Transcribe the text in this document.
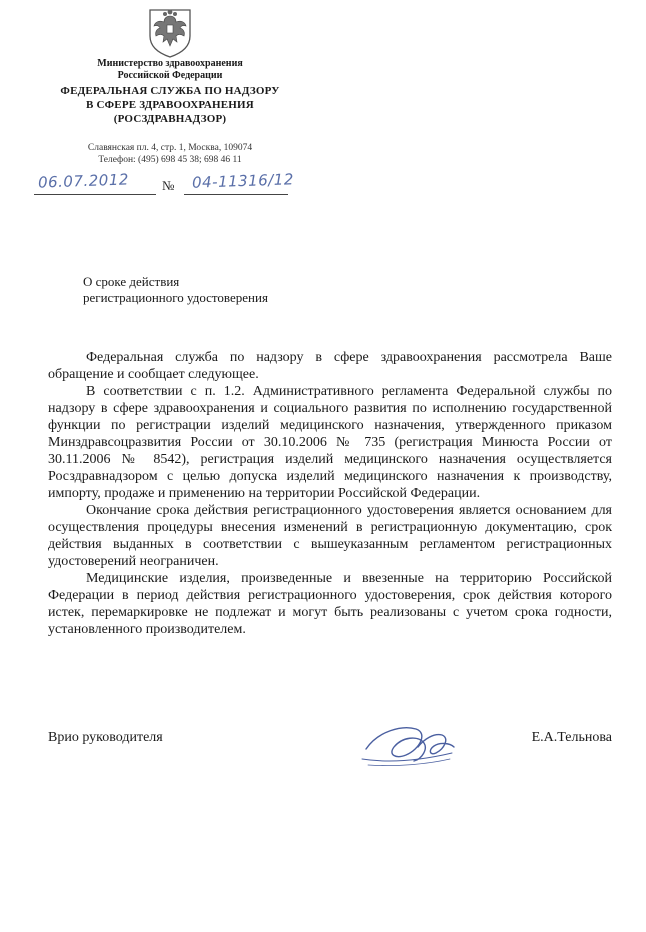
Министерство здравоохранения
Российской Федерации
ФЕДЕРАЛЬНАЯ СЛУЖБА ПО НАДЗОРУ
В СФЕРЕ ЗДРАВООХРАНЕНИЯ
(РОСЗДРАВНАДЗОР)
Славянская пл. 4, стр. 1, Москва, 109074
Телефон: (495) 698 45 38; 698 46 11
06.07.2012	№ 04-11316/12
О сроке действия
регистрационного удостоверения

Федеральная служба по надзору в сфере здравоохранения рассмотрела Ваше обращение и сообщает следующее.

В соответствии с п. 1.2. Административного регламента Федеральной службы по надзору в сфере здравоохранения и социального развития по исполнению государственной функции по регистрации изделий медицинского назначения, утвержденного приказом Минздравсоцразвития России от 30.10.2006 № 735 (регистрация Минюста России от 30.11.2006 № 8542), регистрация изделий медицинского назначения осуществляется Росздравнадзором с целью допуска изделий медицинского назначения к производству, импорту, продаже и применению на территории Российской Федерации.

Окончание срока действия регистрационного удостоверения является основанием для осуществления процедуры внесения изменений в регистрационную документацию, срок действия выданных в соответствии с вышеуказанным регламентом регистрационных удостоверений неограничен.

Медицинские изделия, произведенные и ввезенные на территорию Российской Федерации в период действия регистрационного удостоверения, срок действия которого истек, перемаркировке не подлежат и могут быть реализованы с учетом срока годности, установленного производителем.

Врио руководителя	Е.А.Тельнова
